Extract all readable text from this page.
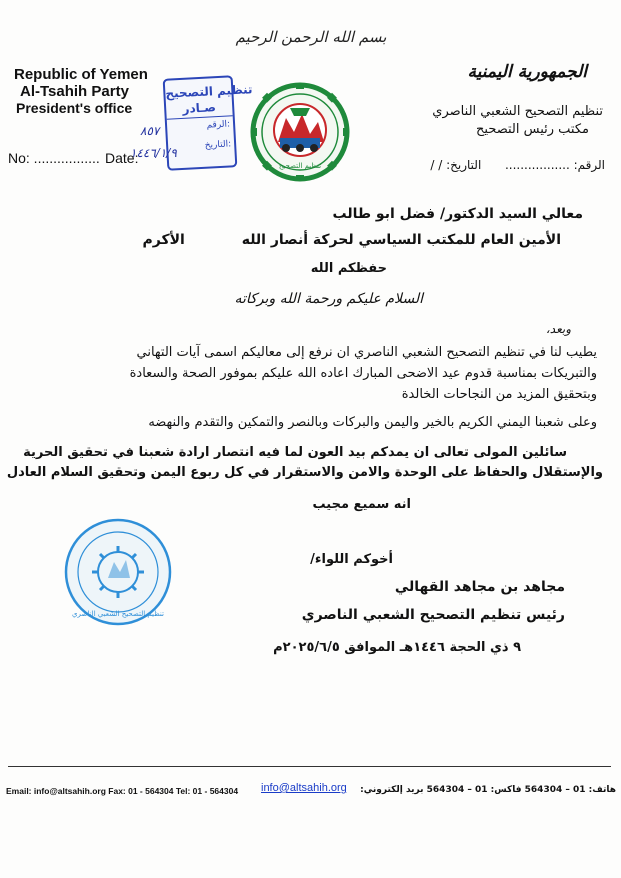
بسم الله الرحمن الرحيم
Republic of Yemen
Al-Tsahih Party
President's office
تنظيم التصحيح
صـادر
الرقم:
التاريخ:
٨٥٧
١٤٤٦/١/٩
No: ................. Date:	تنظيم التصحيح
الجمهورية اليمنية
تنظيم التصحيح الشعبي الناصري
مكتب رئيس التصحيح
الرقم: .................  التاريخ: / /
معالي السيد الدكتور/ فضل ابو طالب
الأمين العام للمكتب السياسي لحركة أنصار الله الأكرم
حفظكم الله
السلام عليكم ورحمة الله وبركاته
وبعد،
يطيب لنا في تنظيم التصحيح الشعبي الناصري ان نرفع إلى معاليكم اسمى آيات التهاني
والتبريكات بمناسبة قدوم عيد الاضحى المبارك اعاده الله عليكم بموفور الصحة والسعادة
وبتحقيق المزيد من النجاحات الخالدة
وعلى شعبنا اليمني الكريم بالخير واليمن والبركات وبالنصر والتمكين والتقدم والنهضه
سائلين المولى تعالى ان يمدكم بيد العون لما فيه انتصار ارادة شعبنا في تحقيق الحرية
والإستقلال والحفاظ على الوحدة والامن والاستقرار في كل ربوع اليمن وتحقيق السلام العادل
انه سميع مجيب
تنظيم التصحيح الشعبي الناصري
أخوكم اللواء/
مجاهد بن مجاهد القهالي
رئيس تنظيم التصحيح الشعبي الناصري
٩ ذي الحجة ١٤٤٦هـ الموافق ٢٠٢٥/٦/٥م
Email: info@altsahih.org Fax: 01 - 564304 Tel: 01 - 564304 info@altsahih.org هاتف: 01 – 564304 فاكس: 01 – 564304 بريد إلكتروني:
